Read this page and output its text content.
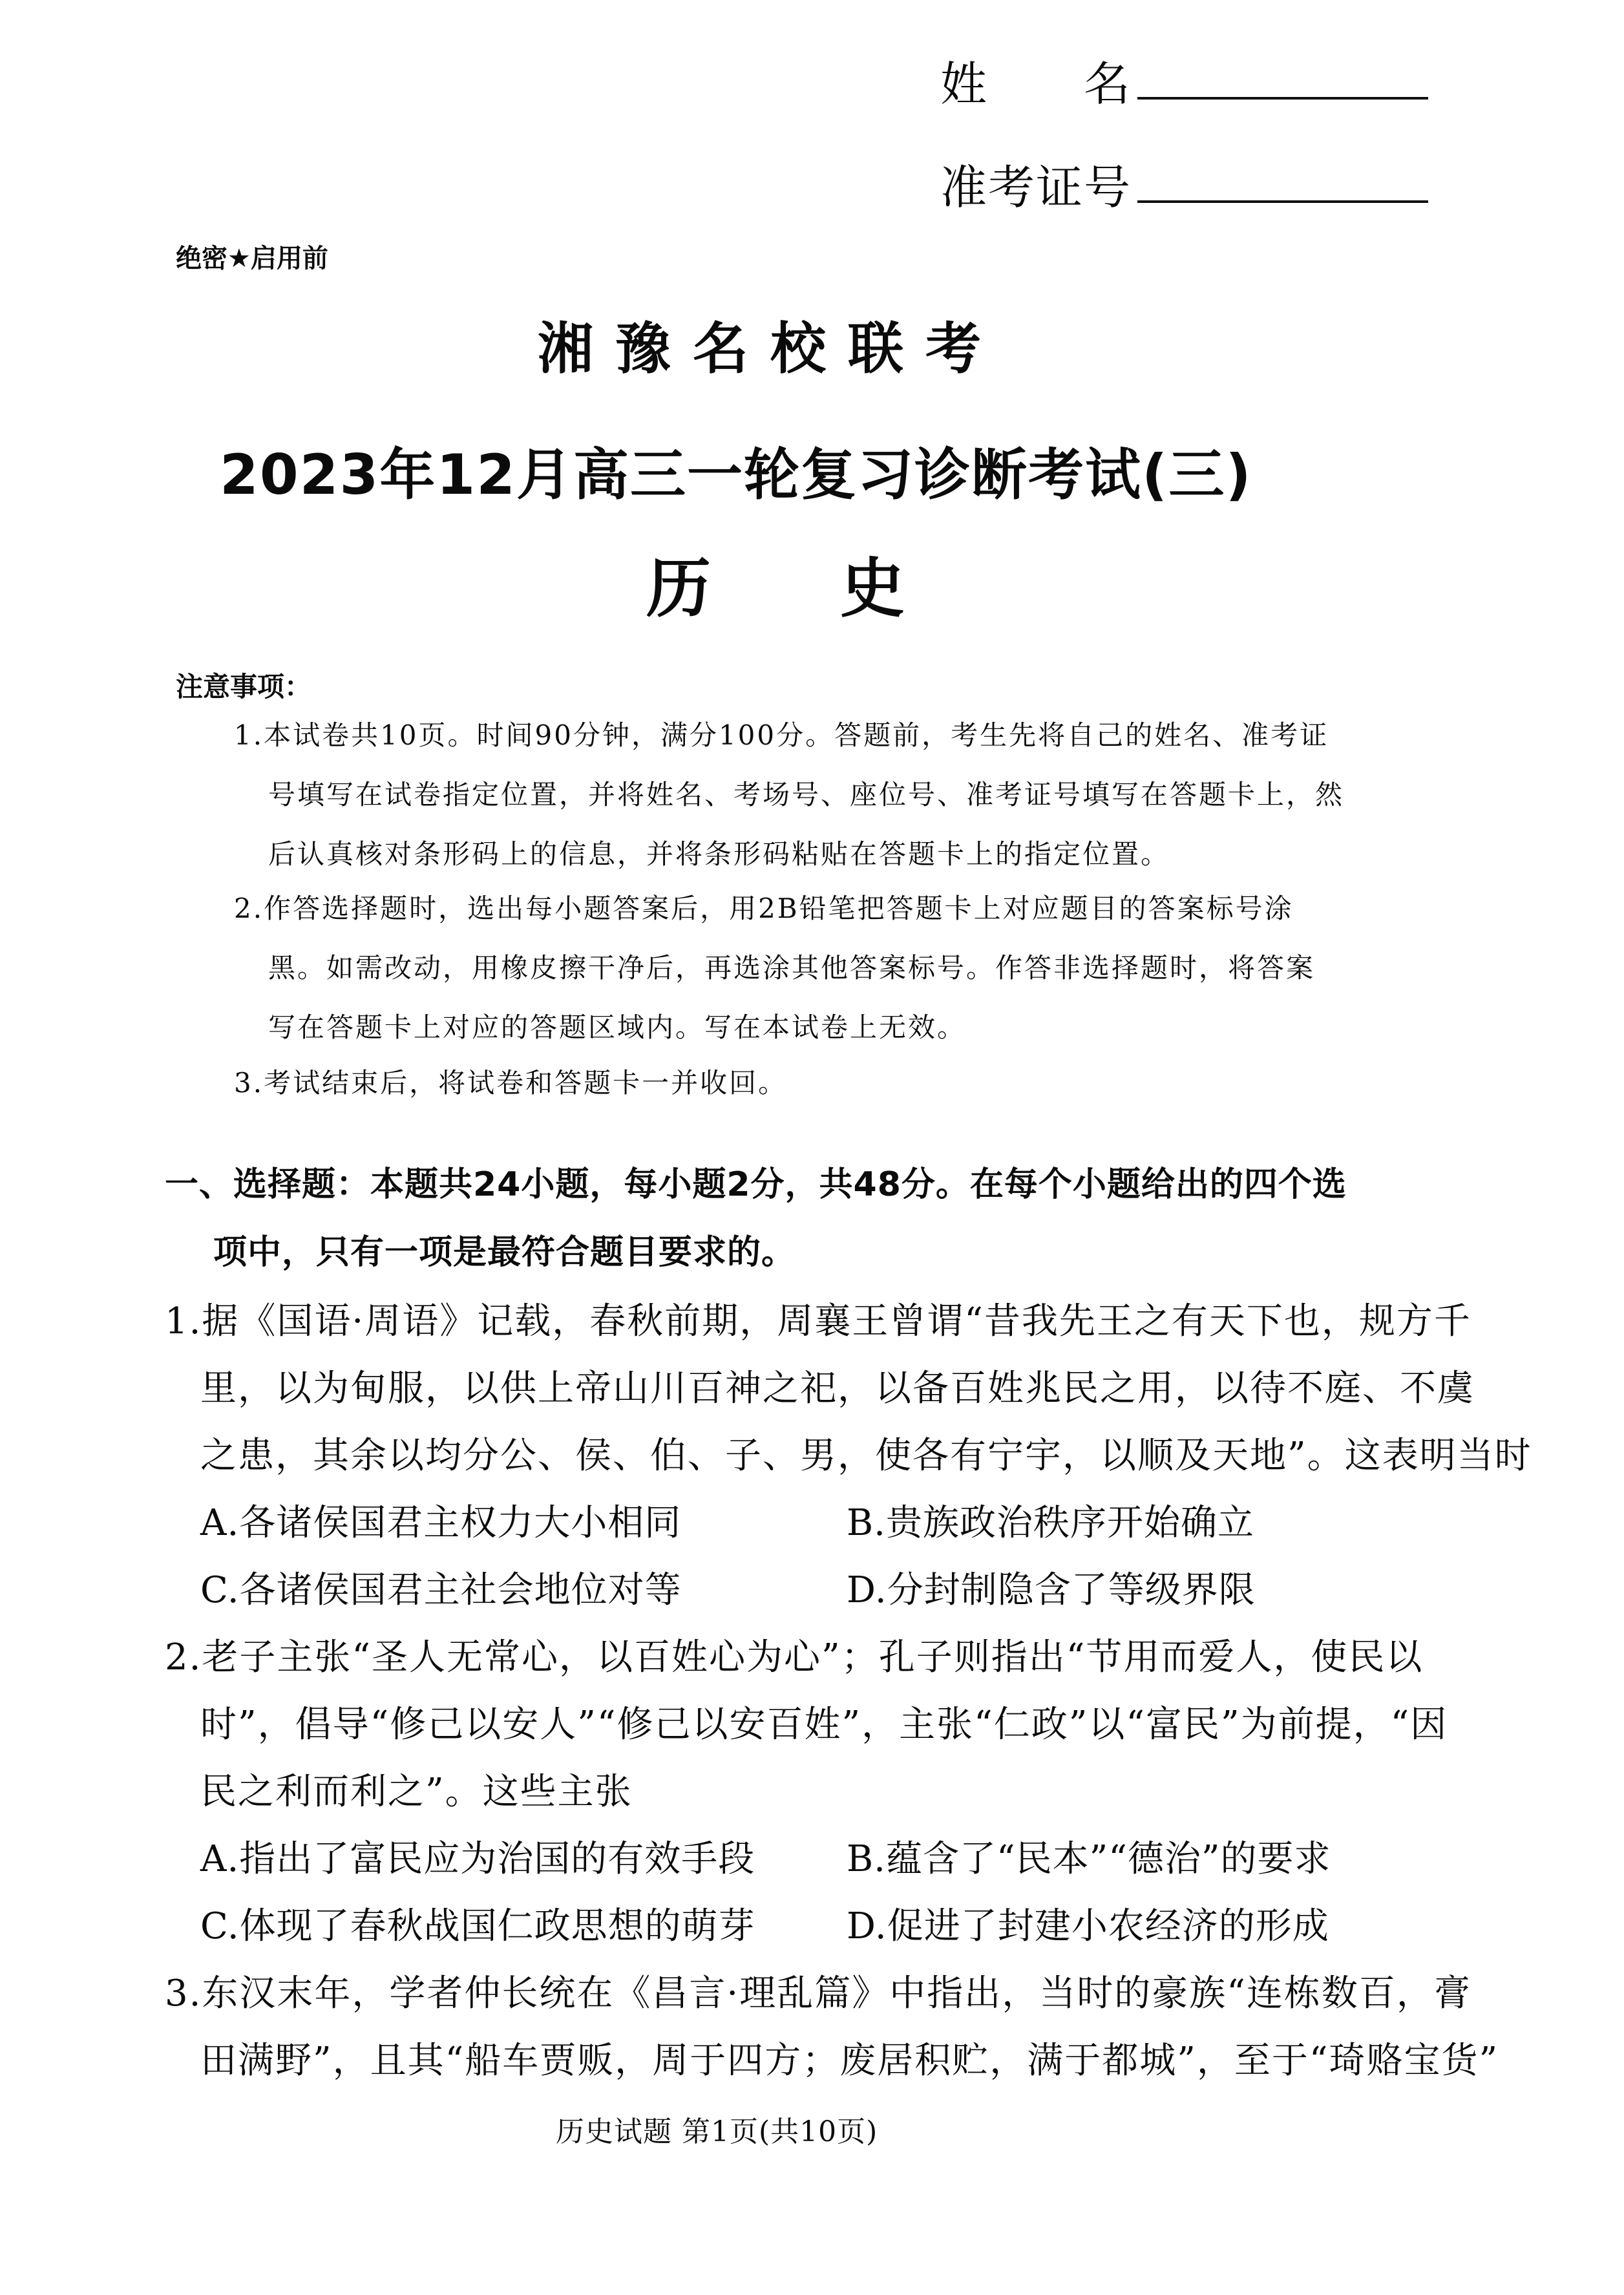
姓　　名
准考证号
绝密★启用前
湘豫名校联考
2023年12月高三一轮复习诊断考试(三)
历　　史
注意事项：
1.本试卷共10页。时间90分钟，满分100分。答题前，考生先将自己的姓名、准考证
号填写在试卷指定位置，并将姓名、考场号、座位号、准考证号填写在答题卡上，然
后认真核对条形码上的信息，并将条形码粘贴在答题卡上的指定位置。
2.作答选择题时，选出每小题答案后，用2B铅笔把答题卡上对应题目的答案标号涂
黑。如需改动，用橡皮擦干净后，再选涂其他答案标号。作答非选择题时，将答案
写在答题卡上对应的答题区域内。写在本试卷上无效。
3.考试结束后，将试卷和答题卡一并收回。
一、选择题：本题共24小题，每小题2分，共48分。在每个小题给出的四个选
项中，只有一项是最符合题目要求的。
1.据《国语·周语》记载，春秋前期，周襄王曾谓“昔我先王之有天下也，规方千
里，以为甸服，以供上帝山川百神之祀，以备百姓兆民之用，以待不庭、不虞
之患，其余以均分公、侯、伯、子、男，使各有宁宇，以顺及天地”。这表明当时
A.各诸侯国君主权力大小相同	B.贵族政治秩序开始确立
C.各诸侯国君主社会地位对等	D.分封制隐含了等级界限
2.老子主张“圣人无常心，以百姓心为心”；孔子则指出“节用而爱人，使民以
时”，倡导“修己以安人”“修己以安百姓”，主张“仁政”以“富民”为前提，“因
民之利而利之”。这些主张
A.指出了富民应为治国的有效手段	B.蕴含了“民本”“德治”的要求
C.体现了春秋战国仁政思想的萌芽	D.促进了封建小农经济的形成
3.东汉末年，学者仲长统在《昌言·理乱篇》中指出，当时的豪族“连栋数百，膏
田满野”，且其“船车贾贩，周于四方；废居积贮，满于都城”，至于“琦赂宝货”
历史试题 第1页(共10页)
